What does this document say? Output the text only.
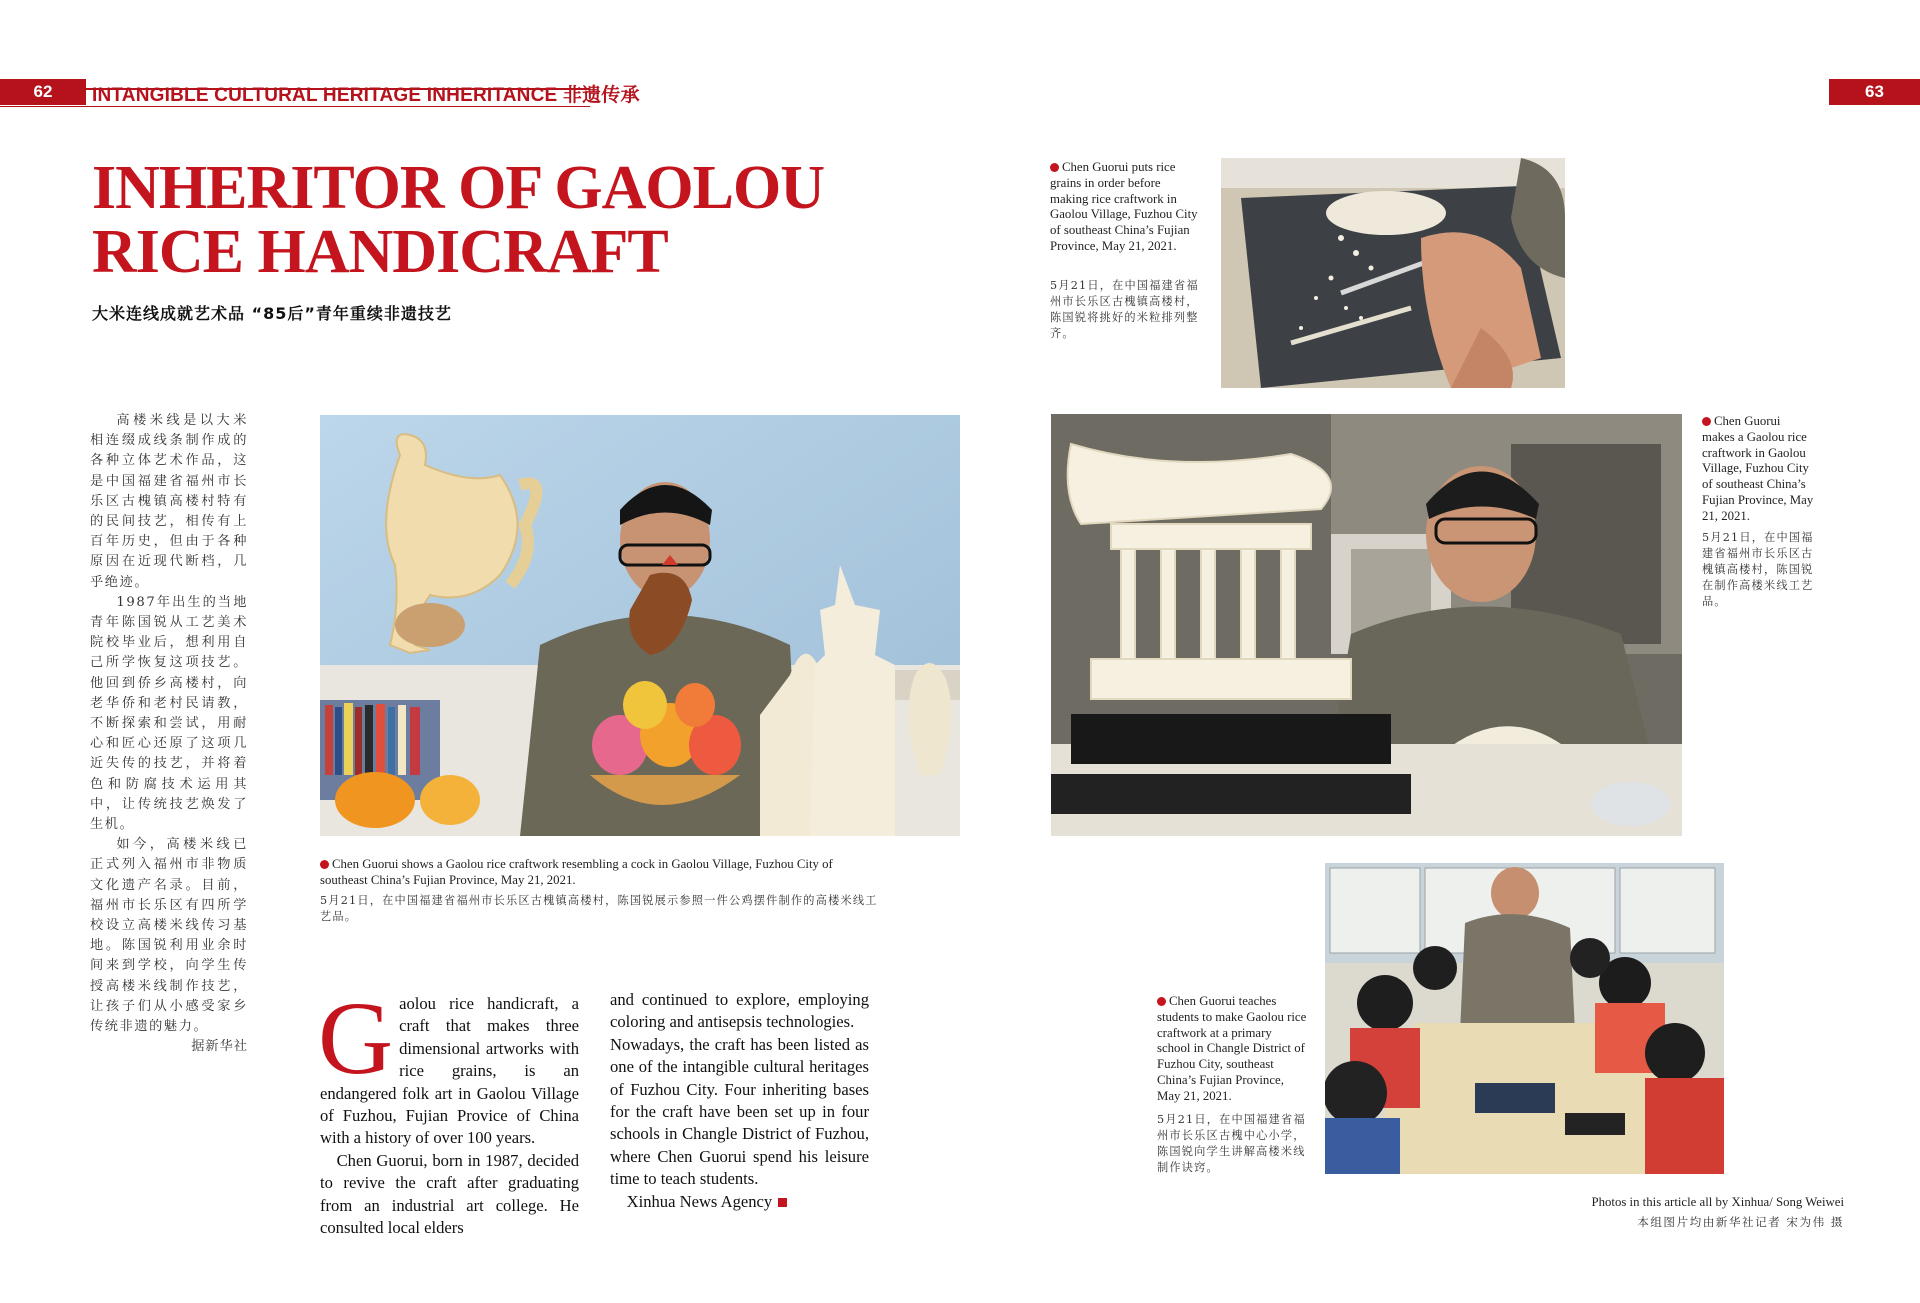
62	INTANGIBLE CULTURAL HERITAGE INHERITANCE 非遗传承	63
INHERITOR OF GAOLOU
RICE HANDICRAFT
大米连线成就艺术品 “85后”青年重续非遗技艺

高楼米线是以大米相连缀成线条制作成的各种立体艺术作品，这是中国福建省福州市长乐区古槐镇高楼村特有的民间技艺，相传有上百年历史，但由于各种原因在近现代断档，几乎绝迹。

1987年出生的当地青年陈国锐从工艺美术院校毕业后，想利用自己所学恢复这项技艺。他回到侨乡高楼村，向老华侨和老村民请教，不断探索和尝试，用耐心和匠心还原了这项几近失传的技艺，并将着色和防腐技术运用其中，让传统技艺焕发了生机。

如今，高楼米线已正式列入福州市非物质文化遗产名录。目前，福州市长乐区有四所学校设立高楼米线传习基地。陈国锐利用业余时间来到学校，向学生传授高楼米线制作技艺，让孩子们从小感受家乡传统非遗的魅力。

据新华社
Chen Guorui shows a Gaolou rice craftwork resembling a cock in Gaolou Village, Fuzhou City of southeast China’s Fujian Province, May 21, 2021.
5月21日，在中国福建省福州市长乐区古槐镇高楼村，陈国锐展示参照一件公鸡摆件制作的高楼米线工艺品。

Gaolou rice handicraft, a craft that makes three dimensional artworks with rice grains, is an endangered folk art in Gaolou Village of Fuzhou, Fujian Provice of China with a history of over 100 years.

Chen Guorui, born in 1987, decided to revive the craft after graduating from an industrial art college. He consulted local elders

and continued to explore, employing coloring and antisepsis technologies.

Nowadays, the craft has been listed as one of the intangible cultural heritages of Fuzhou City. Four inheriting bases for the craft have been set up in four schools in Changle District of Fuzhou, where Chen Guorui spend his leisure time to teach students.

Xinhua News Agency

Chen Guorui puts rice grains in order before making rice craftwork in Gaolou Village, Fuzhou City of southeast China’s Fujian Province, May 21, 2021.
5月21日，在中国福建省福州市长乐区古槐镇高楼村，陈国锐将挑好的米粒排列整齐。
Chen Guorui makes a Gaolou rice craftwork in Gaolou Village, Fuzhou City of southeast China’s Fujian Province, May 21, 2021.
5月21日，在中国福建省福州市长乐区古槐镇高楼村，陈国锐在制作高楼米线工艺品。
Chen Guorui teaches students to make Gaolou rice craftwork at a primary school in Changle District of Fuzhou City, southeast China’s Fujian Province, May 21, 2021.
5月21日，在中国福建省福州市长乐区古槐中心小学，陈国锐向学生讲解高楼米线制作诀窍。
Photos in this article all by Xinhua/ Song Weiwei
本组图片均由新华社记者 宋为伟 摄
